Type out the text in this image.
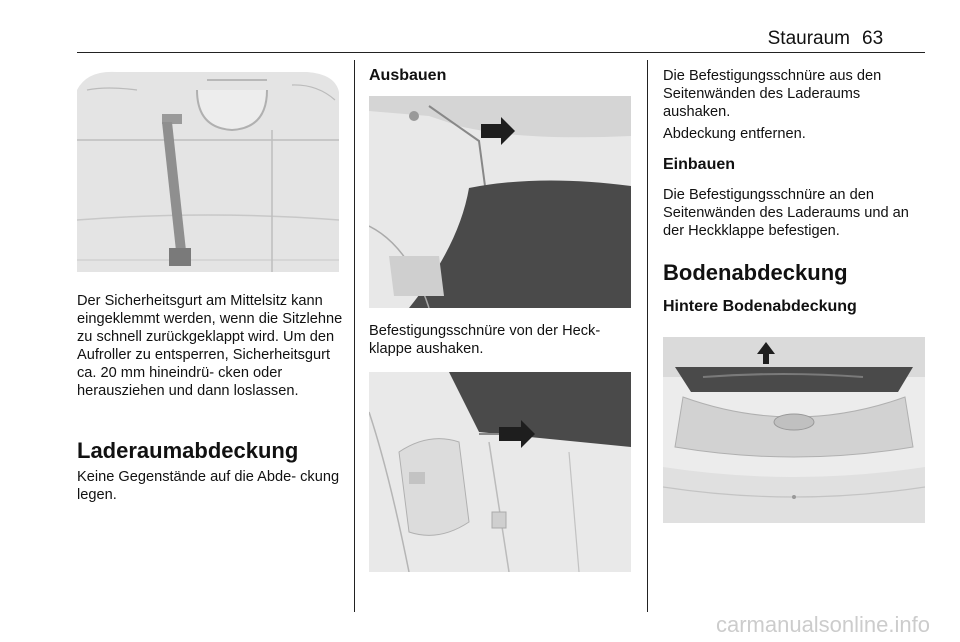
Stauraum 63

Der Sicherheitsgurt am Mittelsitz kann eingeklemmt werden, wenn die Sitzlehne zu schnell zurückgeklappt wird. Um den Aufroller zu entsperren, Sicherheitsgurt ca. 20 mm hineindrü‐ cken oder herausziehen und dann loslassen.

Laderaumabdeckung

Keine Gegenstände auf die Abde‐ ckung legen.

Ausbauen

Befestigungsschnüre von der Heck‐ klappe aushaken.

Die Befestigungsschnüre aus den Seitenwänden des Laderaums aushaken.

Abdeckung entfernen.

Einbauen

Die Befestigungsschnüre an den Seitenwänden des Laderaums und an der Heckklappe befestigen.

Bodenabdeckung
Hintere Bodenabdeckung
carmanualsonline.info
